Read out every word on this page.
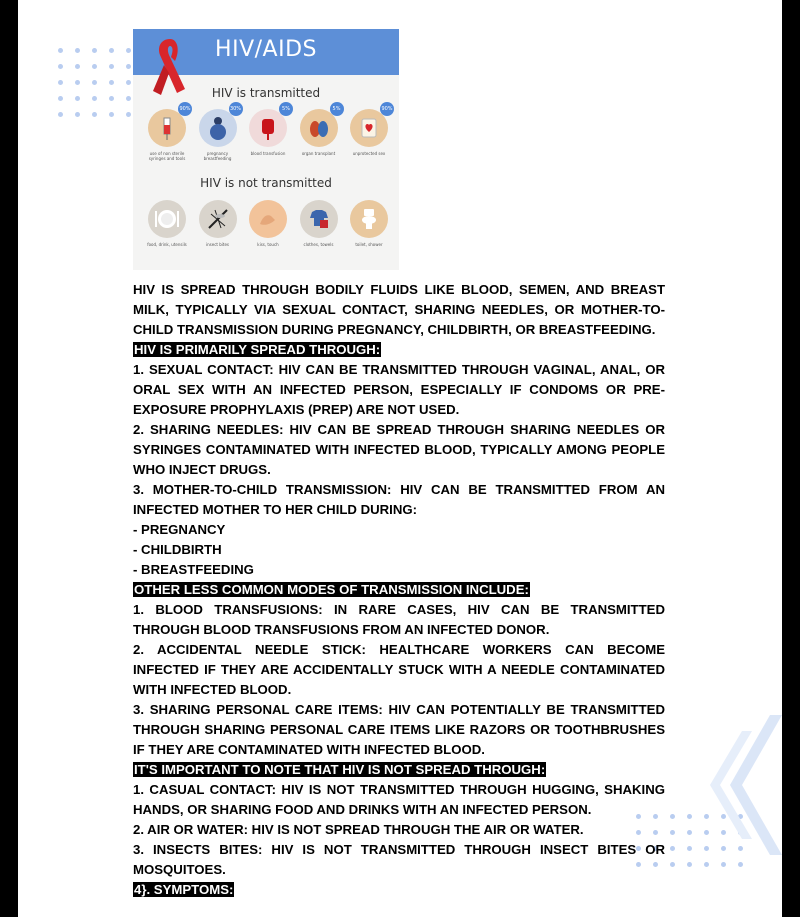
HIV/AIDS
HIV is transmitted
90%
use of non sterile syringes and tools
30%
pregnancy breastfeeding
5%
blood transfusion
5%
organ transplant
90%
unprotected sex
HIV is not transmitted
food, drink, utensils	insect bites	kiss, touch	clothes, towels	toilet, shower

HIV IS SPREAD THROUGH BODILY FLUIDS LIKE BLOOD, SEMEN, AND BREAST MILK, TYPICALLY VIA SEXUAL CONTACT, SHARING NEEDLES, OR MOTHER-TO-CHILD TRANSMISSION DURING PREGNANCY, CHILDBIRTH, OR BREASTFEEDING.

HIV IS PRIMARILY SPREAD THROUGH:

1. SEXUAL CONTACT: HIV CAN BE TRANSMITTED THROUGH VAGINAL, ANAL, OR ORAL SEX WITH AN INFECTED PERSON, ESPECIALLY IF CONDOMS OR PRE-EXPOSURE PROPHYLAXIS (PREP) ARE NOT USED.

2. SHARING NEEDLES: HIV CAN BE SPREAD THROUGH SHARING NEEDLES OR SYRINGES CONTAMINATED WITH INFECTED BLOOD, TYPICALLY AMONG PEOPLE WHO INJECT DRUGS.

3. MOTHER-TO-CHILD TRANSMISSION: HIV CAN BE TRANSMITTED FROM AN INFECTED MOTHER TO HER CHILD DURING:

- PREGNANCY
- CHILDBIRTH
- BREASTFEEDING
OTHER LESS COMMON MODES OF TRANSMISSION INCLUDE:

1. BLOOD TRANSFUSIONS: IN RARE CASES, HIV CAN BE TRANSMITTED THROUGH BLOOD TRANSFUSIONS FROM AN INFECTED DONOR.

2. ACCIDENTAL NEEDLE STICK: HEALTHCARE WORKERS CAN BECOME INFECTED IF THEY ARE ACCIDENTALLY STUCK WITH A NEEDLE CONTAMINATED WITH INFECTED BLOOD.

3. SHARING PERSONAL CARE ITEMS: HIV CAN POTENTIALLY BE TRANSMITTED THROUGH SHARING PERSONAL CARE ITEMS LIKE RAZORS OR TOOTHBRUSHES IF THEY ARE CONTAMINATED WITH INFECTED BLOOD.

IT'S IMPORTANT TO NOTE THAT HIV IS NOT SPREAD THROUGH:

1. CASUAL CONTACT: HIV IS NOT TRANSMITTED THROUGH HUGGING, SHAKING HANDS, OR SHARING FOOD AND DRINKS WITH AN INFECTED PERSON.

2. AIR OR WATER: HIV IS NOT SPREAD THROUGH THE AIR OR WATER.

3. INSECTS BITES: HIV IS NOT TRANSMITTED THROUGH INSECT BITES OR MOSQUITOES.

4}. SYMPTOMS:
